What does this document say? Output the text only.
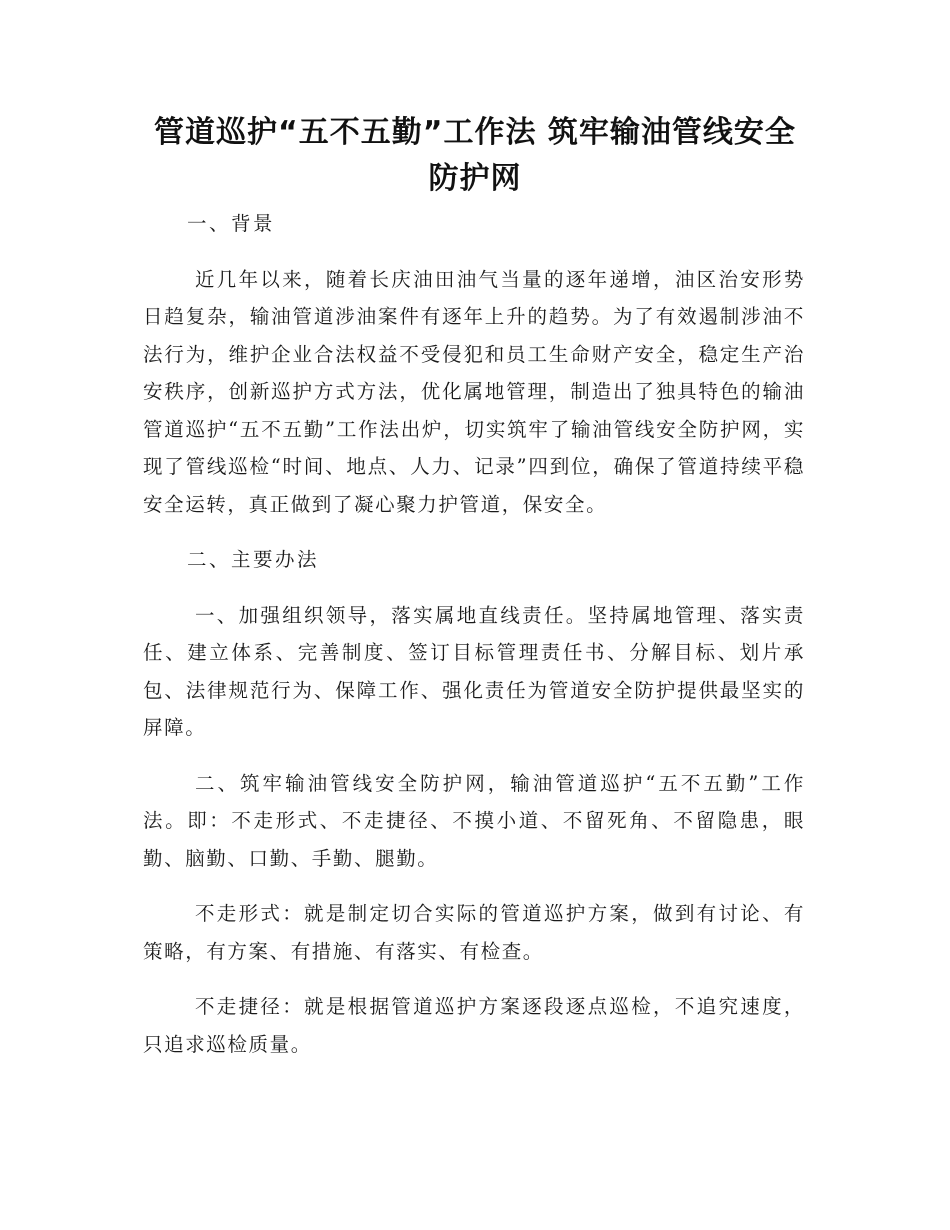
管道巡护“五不五勤”工作法 筑牢输油管线安全防护网

一、背景

近几年以来，随着长庆油田油气当量的逐年递增，油区治安形势日趋复杂，输油管道涉油案件有逐年上升的趋势。为了有效遏制涉油不法行为，维护企业合法权益不受侵犯和员工生命财产安全，稳定生产治安秩序，创新巡护方式方法，优化属地管理，制造出了独具特色的输油管道巡护“五不五勤”工作法出炉，切实筑牢了输油管线安全防护网，实现了管线巡检“时间、地点、人力、记录”四到位，确保了管道持续平稳安全运转，真正做到了凝心聚力护管道，保安全。

二、主要办法

一、加强组织领导，落实属地直线责任。坚持属地管理、落实责任、建立体系、完善制度、签订目标管理责任书、分解目标、划片承包、法律规范行为、保障工作、强化责任为管道安全防护提供最坚实的屏障。

二、筑牢输油管线安全防护网，输油管道巡护“五不五勤”工作法。即：不走形式、不走捷径、不摸小道、不留死角、不留隐患，眼勤、脑勤、口勤、手勤、腿勤。

不走形式：就是制定切合实际的管道巡护方案，做到有讨论、有策略，有方案、有措施、有落实、有检查。

不走捷径：就是根据管道巡护方案逐段逐点巡检，不追究速度，只追求巡检质量。
